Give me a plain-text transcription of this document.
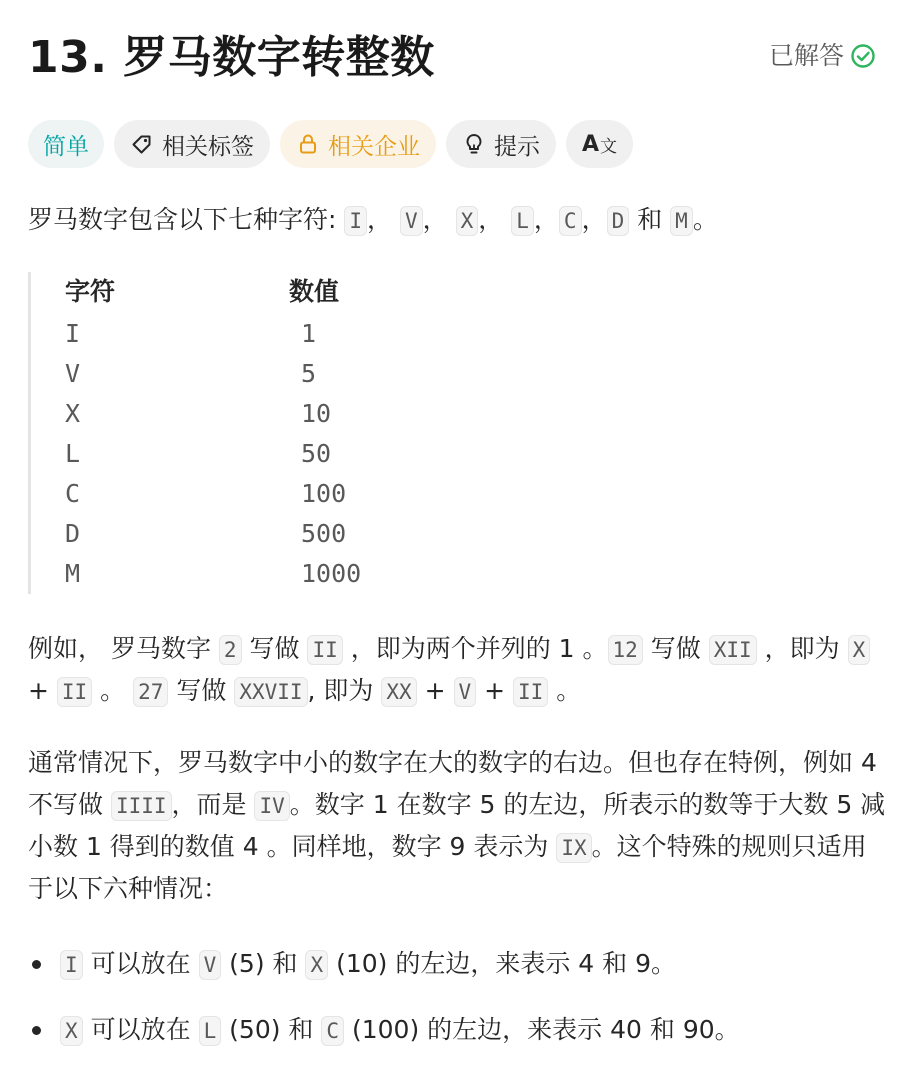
13. 罗马数字转整数	已解答
简单	相关标签	相关企业	提示 A 文

罗马数字包含以下七种字符: I ， V ， X ， L ， C ， D 和 M 。

字符	数值
I	1
V	5
X	10
L	50
C	100
D	500
M	1000

例如， 罗马数字 2 写做 II ，即为两个并列的 1 。 12 写做 XII ，即为 X + II 。 27 写做 XXVII , 即为 XX + V + II 。

通常情况下，罗马数字中小的数字在大的数字的右边。但也存在特例，例如 4 不写做 IIII ，而是 IV 。数字 1 在数字 5 的左边，所表示的数等于大数 5 减小数 1 得到的数值 4 。同样地，数字 9 表示为 IX 。这个特殊的规则只适用于以下六种情况：

I 可以放在 V (5) 和 X (10) 的左边，来表示 4 和 9。
X 可以放在 L (50) 和 C (100) 的左边，来表示 40 和 90。
